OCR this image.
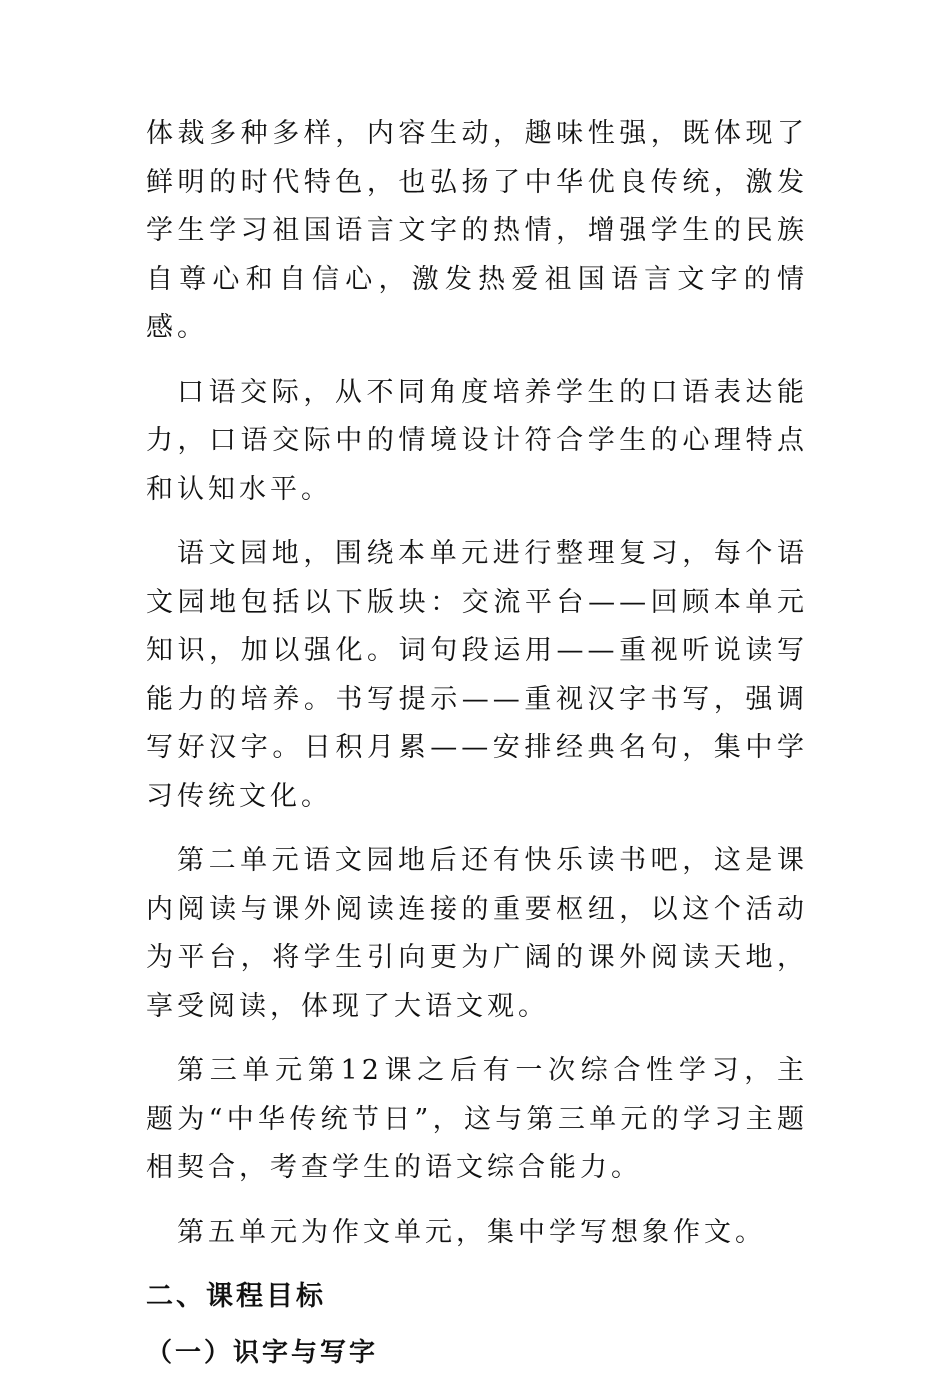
体裁多种多样，内容生动，趣味性强，既体现了鲜明的时代特色，也弘扬了中华优良传统，激发学生学习祖国语言文字的热情，增强学生的民族自尊心和自信心，激发热爱祖国语言文字的情感。

口语交际，从不同角度培养学生的口语表达能力，口语交际中的情境设计符合学生的心理特点和认知水平。

语文园地，围绕本单元进行整理复习，每个语文园地包括以下版块：交流平台——回顾本单元知识，加以强化。词句段运用——重视听说读写能力的培养。书写提示——重视汉字书写，强调写好汉字。日积月累——安排经典名句，集中学习传统文化。

第二单元语文园地后还有快乐读书吧，这是课内阅读与课外阅读连接的重要枢纽，以这个活动为平台，将学生引向更为广阔的课外阅读天地，享受阅读，体现了大语文观。

第三单元第12课之后有一次综合性学习，主题为“中华传统节日”，这与第三单元的学习主题相契合，考查学生的语文综合能力。

第五单元为作文单元，集中学写想象作文。

二、课程目标
（一）识字与写字
